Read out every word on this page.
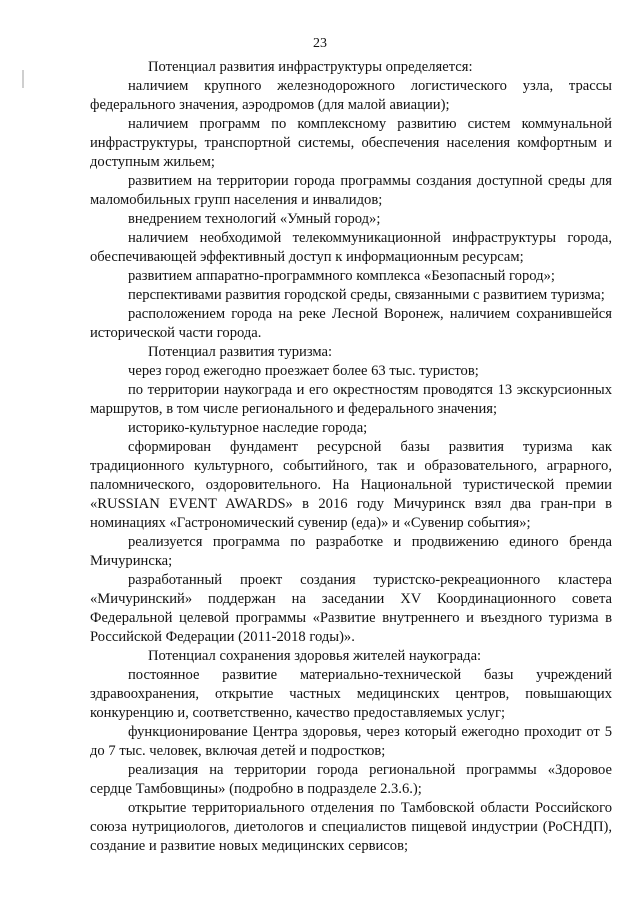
23

Потенциал развития инфраструктуры определяется:

наличием крупного железнодорожного логистического узла, трассы федерального значения, аэродромов (для малой авиации);

наличием программ по комплексному развитию систем коммунальной инфраструктуры, транспортной системы, обеспечения населения комфортным и доступным жильем;

развитием на территории города программы создания доступной среды для маломобильных групп населения и инвалидов;

внедрением технологий «Умный город»;

наличием необходимой телекоммуникационной инфраструктуры города, обеспечивающей эффективный доступ к информационным ресурсам;

развитием аппаратно-программного комплекса «Безопасный город»;

перспективами развития городской среды, связанными с развитием туризма;

расположением города на реке Лесной Воронеж, наличием сохранившейся исторической части города.

Потенциал развития туризма:

через город ежегодно проезжает более 63 тыс. туристов;

по территории наукограда и его окрестностям проводятся 13 экскурсионных маршрутов, в том числе регионального и федерального значения;

историко-культурное наследие города;

сформирован фундамент ресурсной базы развития туризма как традиционного культурного, событийного, так и образовательного, аграрного, паломнического, оздоровительного. На Национальной туристической премии «RUSSIAN EVENT AWARDS» в 2016 году Мичуринск взял два гран-при в номинациях «Гастрономический сувенир (еда)» и «Сувенир события»;

реализуется программа по разработке и продвижению единого бренда Мичуринска;

разработанный проект создания туристско-рекреационного кластера «Мичуринский» поддержан на заседании XV Координационного совета Федеральной целевой программы «Развитие внутреннего и въездного туризма в Российской Федерации (2011-2018 годы)».

Потенциал сохранения здоровья жителей наукограда:

постоянное развитие материально-технической базы учреждений здравоохранения, открытие частных медицинских центров, повышающих конкуренцию и, соответственно, качество предоставляемых услуг;

функционирование Центра здоровья, через который ежегодно проходит от 5 до 7 тыс. человек, включая детей и подростков;

реализация на территории города региональной программы «Здоровое сердце Тамбовщины» (подробно в подразделе 2.3.6.);

открытие территориального отделения по Тамбовской области Российского союза нутрициологов, диетологов и специалистов пищевой индустрии (РоСНДП), создание и развитие новых медицинских сервисов;
